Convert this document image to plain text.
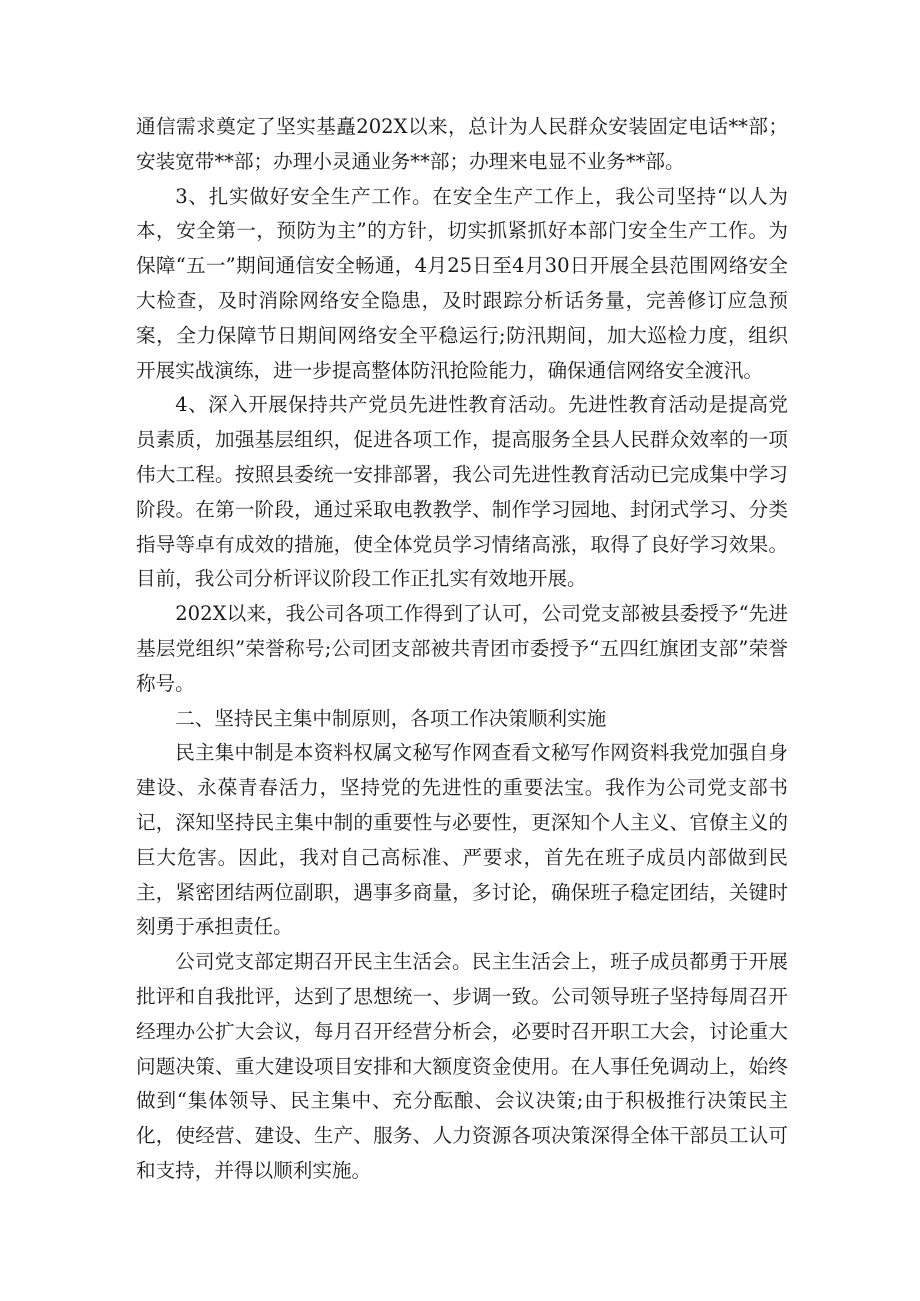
通信需求奠定了坚实基矗202X以来，总计为人民群众安装固定电话**部；安装宽带**部；办理小灵通业务**部；办理来电显不业务**部。

3、扎实做好安全生产工作。在安全生产工作上，我公司坚持“以人为本，安全第一，预防为主”的方针，切实抓紧抓好本部门安全生产工作。为保障“五一”期间通信安全畅通，4月25日至4月30日开展全县范围网络安全大检查，及时消除网络安全隐患，及时跟踪分析话务量，完善修订应急预案，全力保障节日期间网络安全平稳运行;防汛期间，加大巡检力度，组织开展实战演练，进一步提高整体防汛抢险能力，确保通信网络安全渡汛。

4、深入开展保持共产党员先进性教育活动。先进性教育活动是提高党员素质，加强基层组织，促进各项工作，提高服务全县人民群众效率的一项伟大工程。按照县委统一安排部署，我公司先进性教育活动已完成集中学习阶段。在第一阶段，通过采取电教教学、制作学习园地、封闭式学习、分类指导等卓有成效的措施，使全体党员学习情绪高涨，取得了良好学习效果。目前，我公司分析评议阶段工作正扎实有效地开展。

202X以来，我公司各项工作得到了认可，公司党支部被县委授予“先进基层党组织”荣誉称号;公司团支部被共青团市委授予“五四红旗团支部”荣誉称号。

二、坚持民主集中制原则，各项工作决策顺利实施

民主集中制是本资料权属文秘写作网查看文秘写作网资料我党加强自身建设、永葆青春活力，坚持党的先进性的重要法宝。我作为公司党支部书记，深知坚持民主集中制的重要性与必要性，更深知个人主义、官僚主义的巨大危害。因此，我对自己高标准、严要求，首先在班子成员内部做到民主，紧密团结两位副职，遇事多商量，多讨论，确保班子稳定团结，关键时刻勇于承担责任。

公司党支部定期召开民主生活会。民主生活会上，班子成员都勇于开展批评和自我批评，达到了思想统一、步调一致。公司领导班子坚持每周召开经理办公扩大会议，每月召开经营分析会，必要时召开职工大会，讨论重大问题决策、重大建设项目安排和大额度资金使用。在人事任免调动上，始终做到“集体领导、民主集中、充分酝酿、会议决策;由于积极推行决策民主化，使经营、建设、生产、服务、人力资源各项决策深得全体干部员工认可和支持，并得以顺利实施。
